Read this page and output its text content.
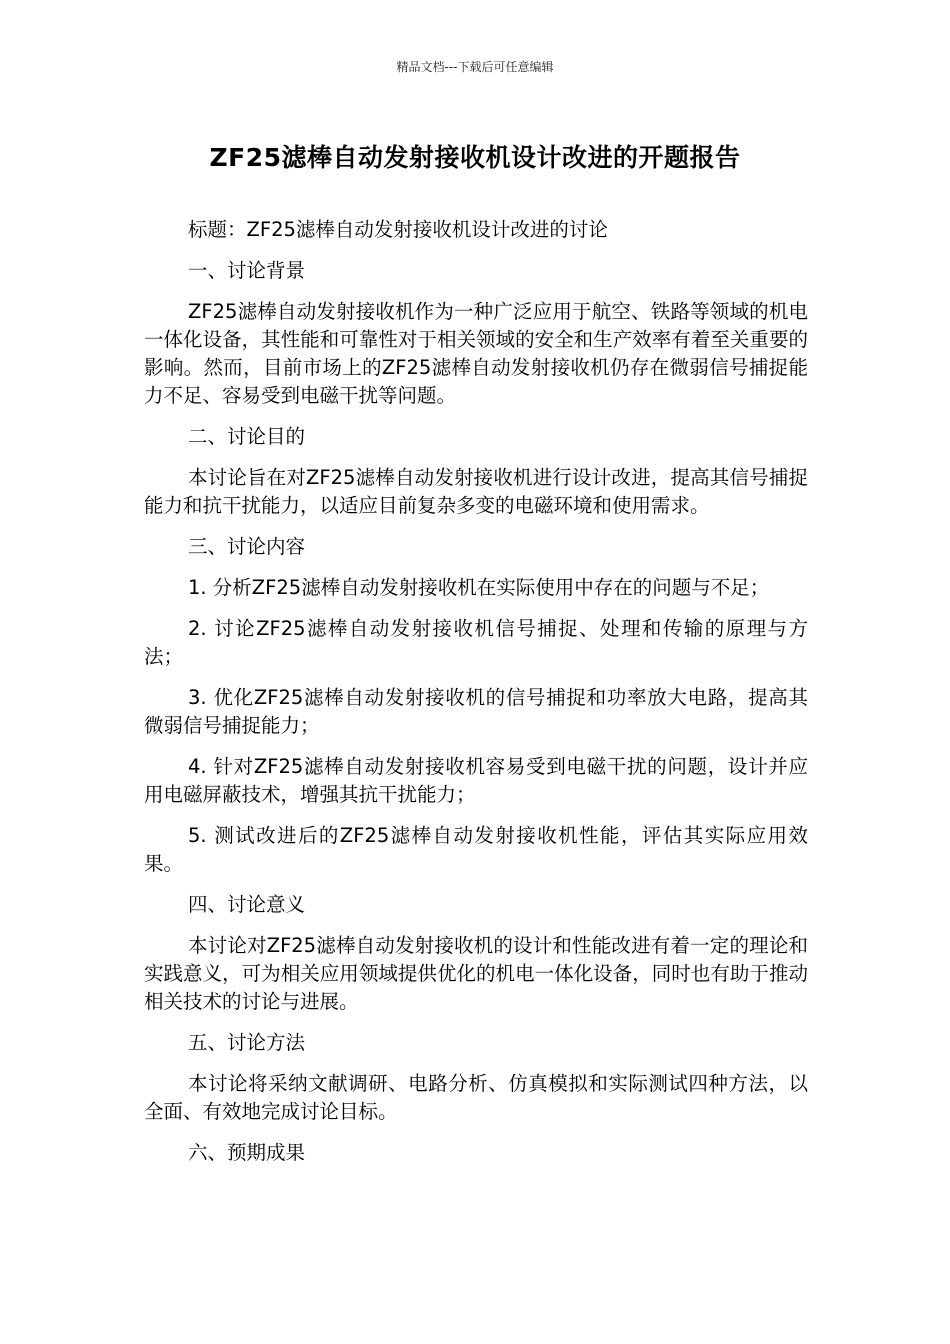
精品文档---下载后可任意编辑
ZF25滤棒自动发射接收机设计改进的开题报告

标题：ZF25滤棒自动发射接收机设计改进的讨论

一、讨论背景

ZF25滤棒自动发射接收机作为一种广泛应用于航空、铁路等领域的机电一体化设备，其性能和可靠性对于相关领域的安全和生产效率有着至关重要的影响。然而，目前市场上的ZF25滤棒自动发射接收机仍存在微弱信号捕捉能力不足、容易受到电磁干扰等问题。

二、讨论目的

本讨论旨在对ZF25滤棒自动发射接收机进行设计改进，提高其信号捕捉能力和抗干扰能力，以适应目前复杂多变的电磁环境和使用需求。

三、讨论内容

1. 分析ZF25滤棒自动发射接收机在实际使用中存在的问题与不足；

2. 讨论ZF25滤棒自动发射接收机信号捕捉、处理和传输的原理与方法；

3. 优化ZF25滤棒自动发射接收机的信号捕捉和功率放大电路，提高其微弱信号捕捉能力；

4. 针对ZF25滤棒自动发射接收机容易受到电磁干扰的问题，设计并应用电磁屏蔽技术，增强其抗干扰能力；

5. 测试改进后的ZF25滤棒自动发射接收机性能，评估其实际应用效果。

四、讨论意义

本讨论对ZF25滤棒自动发射接收机的设计和性能改进有着一定的理论和实践意义，可为相关应用领域提供优化的机电一体化设备，同时也有助于推动相关技术的讨论与进展。

五、讨论方法

本讨论将采纳文献调研、电路分析、仿真模拟和实际测试四种方法，以全面、有效地完成讨论目标。

六、预期成果
